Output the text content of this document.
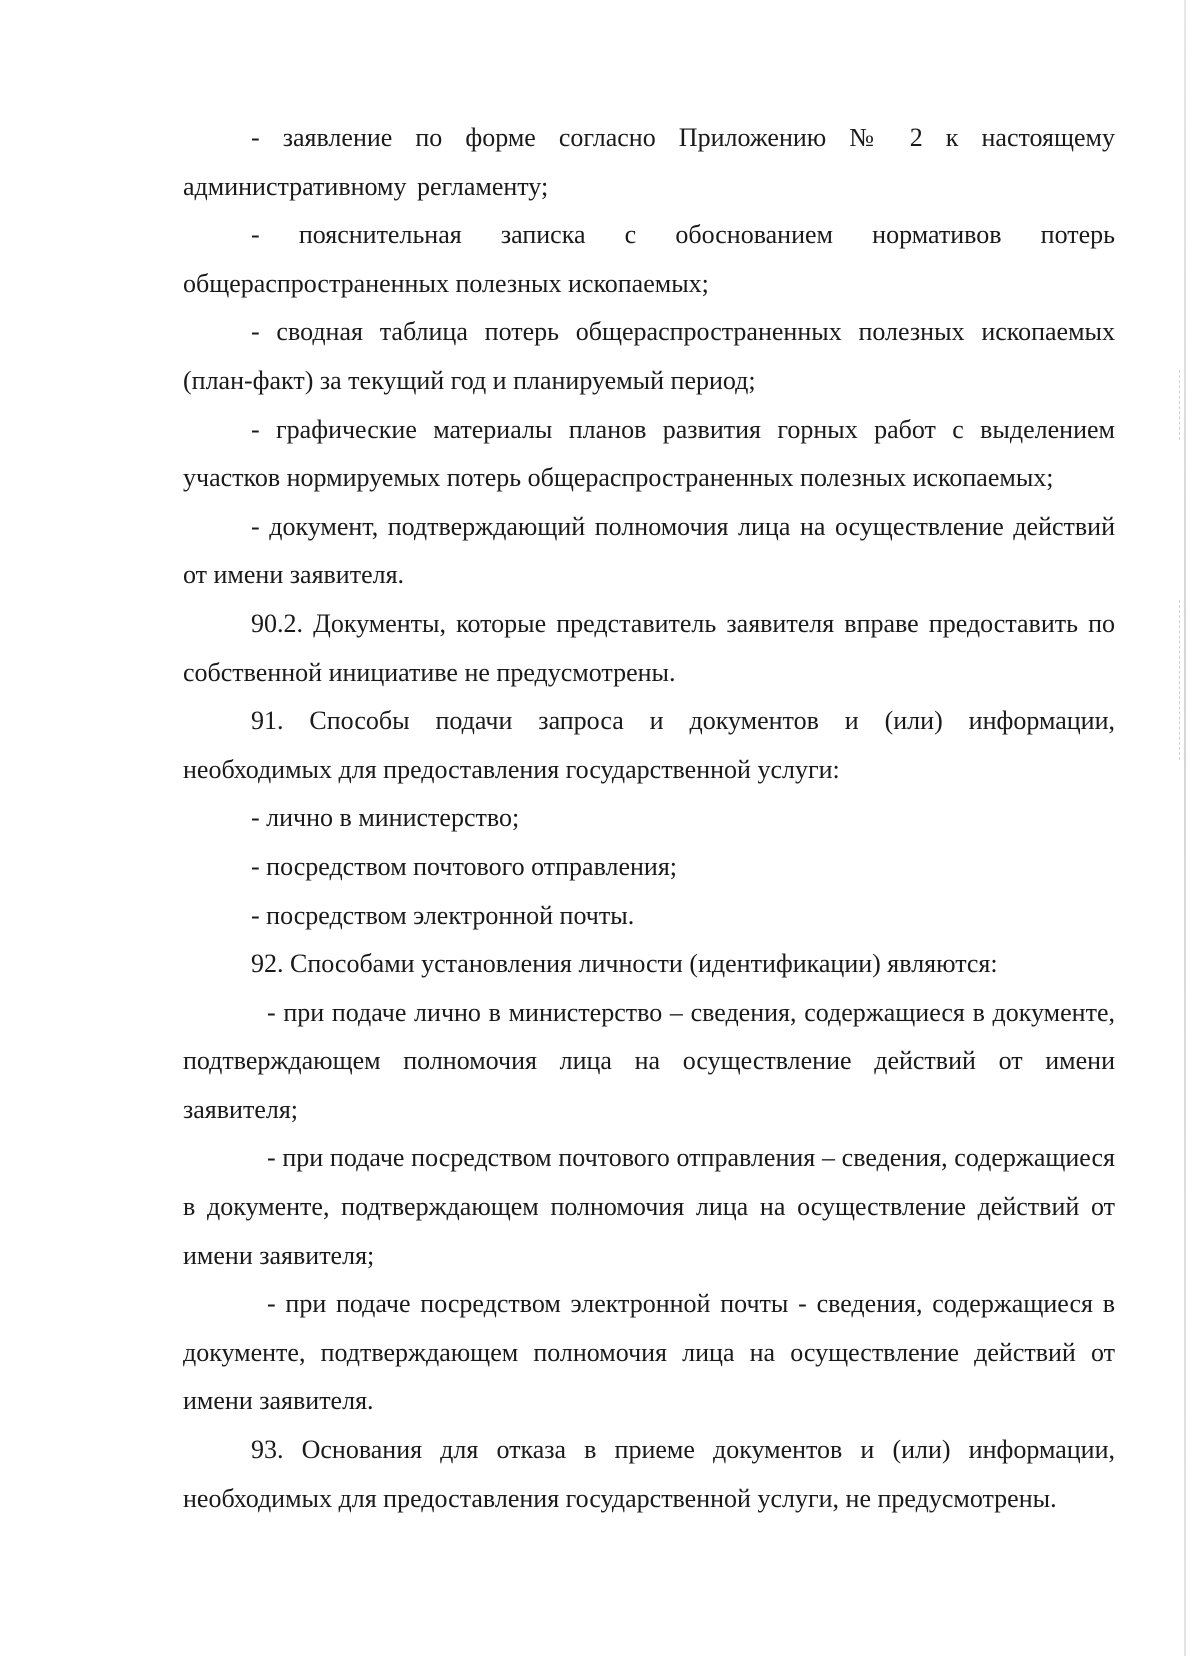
- заявление по форме согласно Приложению № 2 к настоящему административному регламенту;

- пояснительная записка с обоснованием нормативов потерь общераспространенных полезных ископаемых;

- сводная таблица потерь общераспространенных полезных ископаемых (план-факт) за текущий год и планируемый период;

- графические материалы планов развития горных работ с выделением участков нормируемых потерь общераспространенных полезных ископаемых;

- документ, подтверждающий полномочия лица на осуществление действий от имени заявителя.

90.2. Документы, которые представитель заявителя вправе предоставить по собственной инициативе не предусмотрены.

91. Способы подачи запроса и документов и (или) информации, необходимых для предоставления государственной услуги:

- лично в министерство;

- посредством почтового отправления;

- посредством электронной почты.

92. Способами установления личности (идентификации) являются:

- при подаче лично в министерство – сведения, содержащиеся в документе, подтверждающем полномочия лица на осуществление действий от имени заявителя;

- при подаче посредством почтового отправления – сведения, содержащиеся в документе, подтверждающем полномочия лица на осуществление действий от имени заявителя;

- при подаче посредством электронной почты - сведения, содержащиеся в документе, подтверждающем полномочия лица на осуществление действий от имени заявителя.

93. Основания для отказа в приеме документов и (или) информации, необходимых для предоставления государственной услуги, не предусмотрены.
